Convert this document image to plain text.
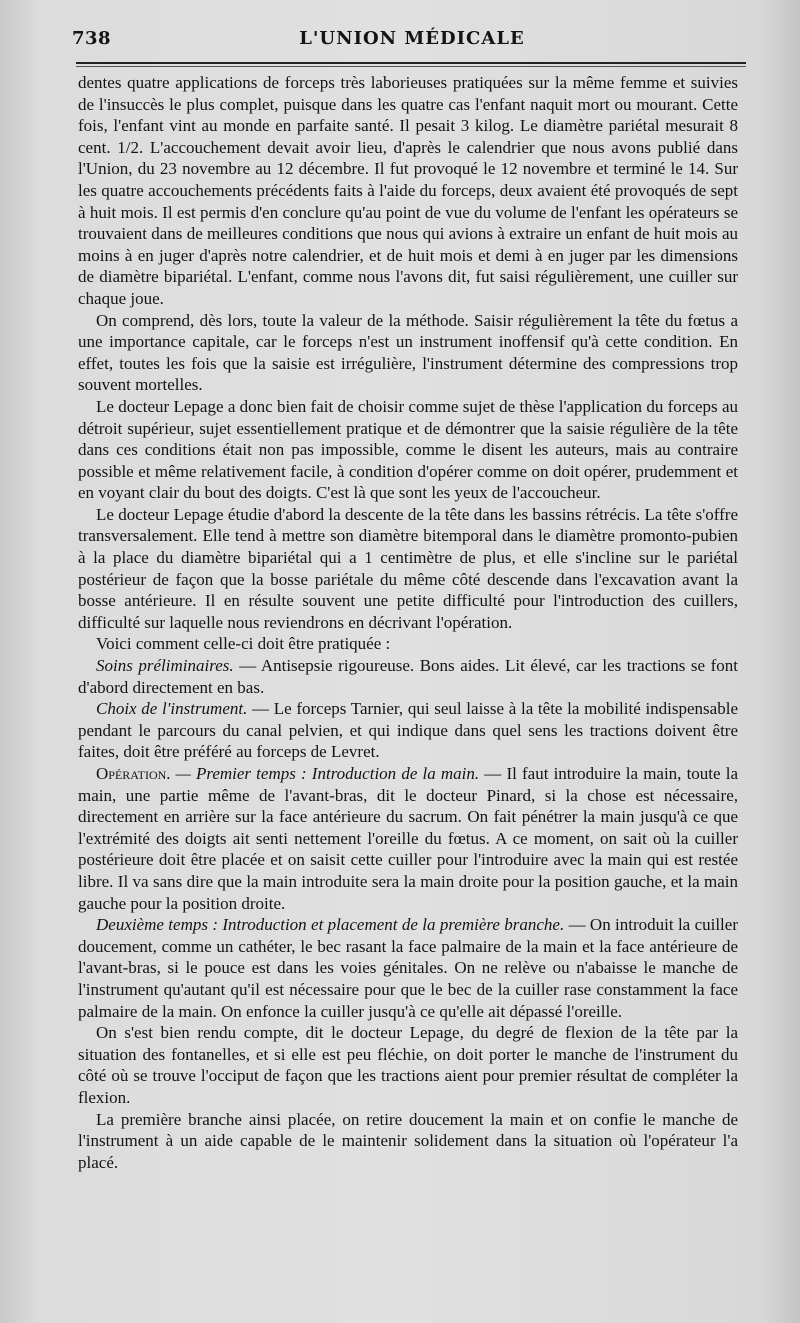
738	L'UNION MÉDICALE

dentes quatre applications de forceps très laborieuses pratiquées sur la même femme et suivies de l'insuccès le plus complet, puisque dans les quatre cas l'enfant naquit mort ou mourant. Cette fois, l'enfant vint au monde en parfaite santé. Il pesait 3 kilog. Le diamètre pariétal mesurait 8 cent. 1/2. L'accouchement devait avoir lieu, d'après le calendrier que nous avons publié dans l'Union, du 23 novembre au 12 décembre. Il fut provoqué le 12 novembre et terminé le 14. Sur les quatre accouchements précédents faits à l'aide du forceps, deux avaient été provoqués de sept à huit mois. Il est permis d'en conclure qu'au point de vue du volume de l'enfant les opérateurs se trouvaient dans de meilleures conditions que nous qui avions à extraire un enfant de huit mois au moins à en juger d'après notre calendrier, et de huit mois et demi à en juger par les dimensions de diamètre bipariétal. L'enfant, comme nous l'avons dit, fut saisi régulièrement, une cuiller sur chaque joue.

On comprend, dès lors, toute la valeur de la méthode. Saisir régulièrement la tête du fœtus a une importance capitale, car le forceps n'est un instrument inoffensif qu'à cette condition. En effet, toutes les fois que la saisie est irrégulière, l'instrument détermine des compressions trop souvent mortelles.

Le docteur Lepage a donc bien fait de choisir comme sujet de thèse l'application du forceps au détroit supérieur, sujet essentiellement pratique et de démontrer que la saisie régulière de la tête dans ces conditions était non pas impossible, comme le disent les auteurs, mais au contraire possible et même relativement facile, à condition d'opérer comme on doit opérer, prudemment et en voyant clair du bout des doigts. C'est là que sont les yeux de l'accoucheur.

Le docteur Lepage étudie d'abord la descente de la tête dans les bassins rétrécis. La tête s'offre transversalement. Elle tend à mettre son diamètre bitemporal dans le diamètre promonto-pubien à la place du diamètre bipariétal qui a 1 centimètre de plus, et elle s'incline sur le pariétal postérieur de façon que la bosse pariétale du même côté descende dans l'excavation avant la bosse antérieure. Il en résulte souvent une petite difficulté pour l'introduction des cuillers, difficulté sur laquelle nous reviendrons en décrivant l'opération.

Voici comment celle-ci doit être pratiquée :

Soins préliminaires. — Antisepsie rigoureuse. Bons aides. Lit élevé, car les tractions se font d'abord directement en bas.

Choix de l'instrument. — Le forceps Tarnier, qui seul laisse à la tête la mobilité indispensable pendant le parcours du canal pelvien, et qui indique dans quel sens les tractions doivent être faites, doit être préféré au forceps de Levret.

Opération. — Premier temps : Introduction de la main. — Il faut introduire la main, toute la main, une partie même de l'avant-bras, dit le docteur Pinard, si la chose est nécessaire, directement en arrière sur la face antérieure du sacrum. On fait pénétrer la main jusqu'à ce que l'extrémité des doigts ait senti nettement l'oreille du fœtus. A ce moment, on sait où la cuiller postérieure doit être placée et on saisit cette cuiller pour l'introduire avec la main qui est restée libre. Il va sans dire que la main introduite sera la main droite pour la position gauche, et la main gauche pour la position droite.

Deuxième temps : Introduction et placement de la première branche. — On introduit la cuiller doucement, comme un cathéter, le bec rasant la face palmaire de la main et la face antérieure de l'avant-bras, si le pouce est dans les voies génitales. On ne relève ou n'abaisse le manche de l'instrument qu'autant qu'il est nécessaire pour que le bec de la cuiller rase constamment la face palmaire de la main. On enfonce la cuiller jusqu'à ce qu'elle ait dépassé l'oreille.

On s'est bien rendu compte, dit le docteur Lepage, du degré de flexion de la tête par la situation des fontanelles, et si elle est peu fléchie, on doit porter le manche de l'instrument du côté où se trouve l'occiput de façon que les tractions aient pour premier résultat de compléter la flexion.

La première branche ainsi placée, on retire doucement la main et on confie le manche de l'instrument à un aide capable de le maintenir solidement dans la situation où l'opérateur l'a placé.
